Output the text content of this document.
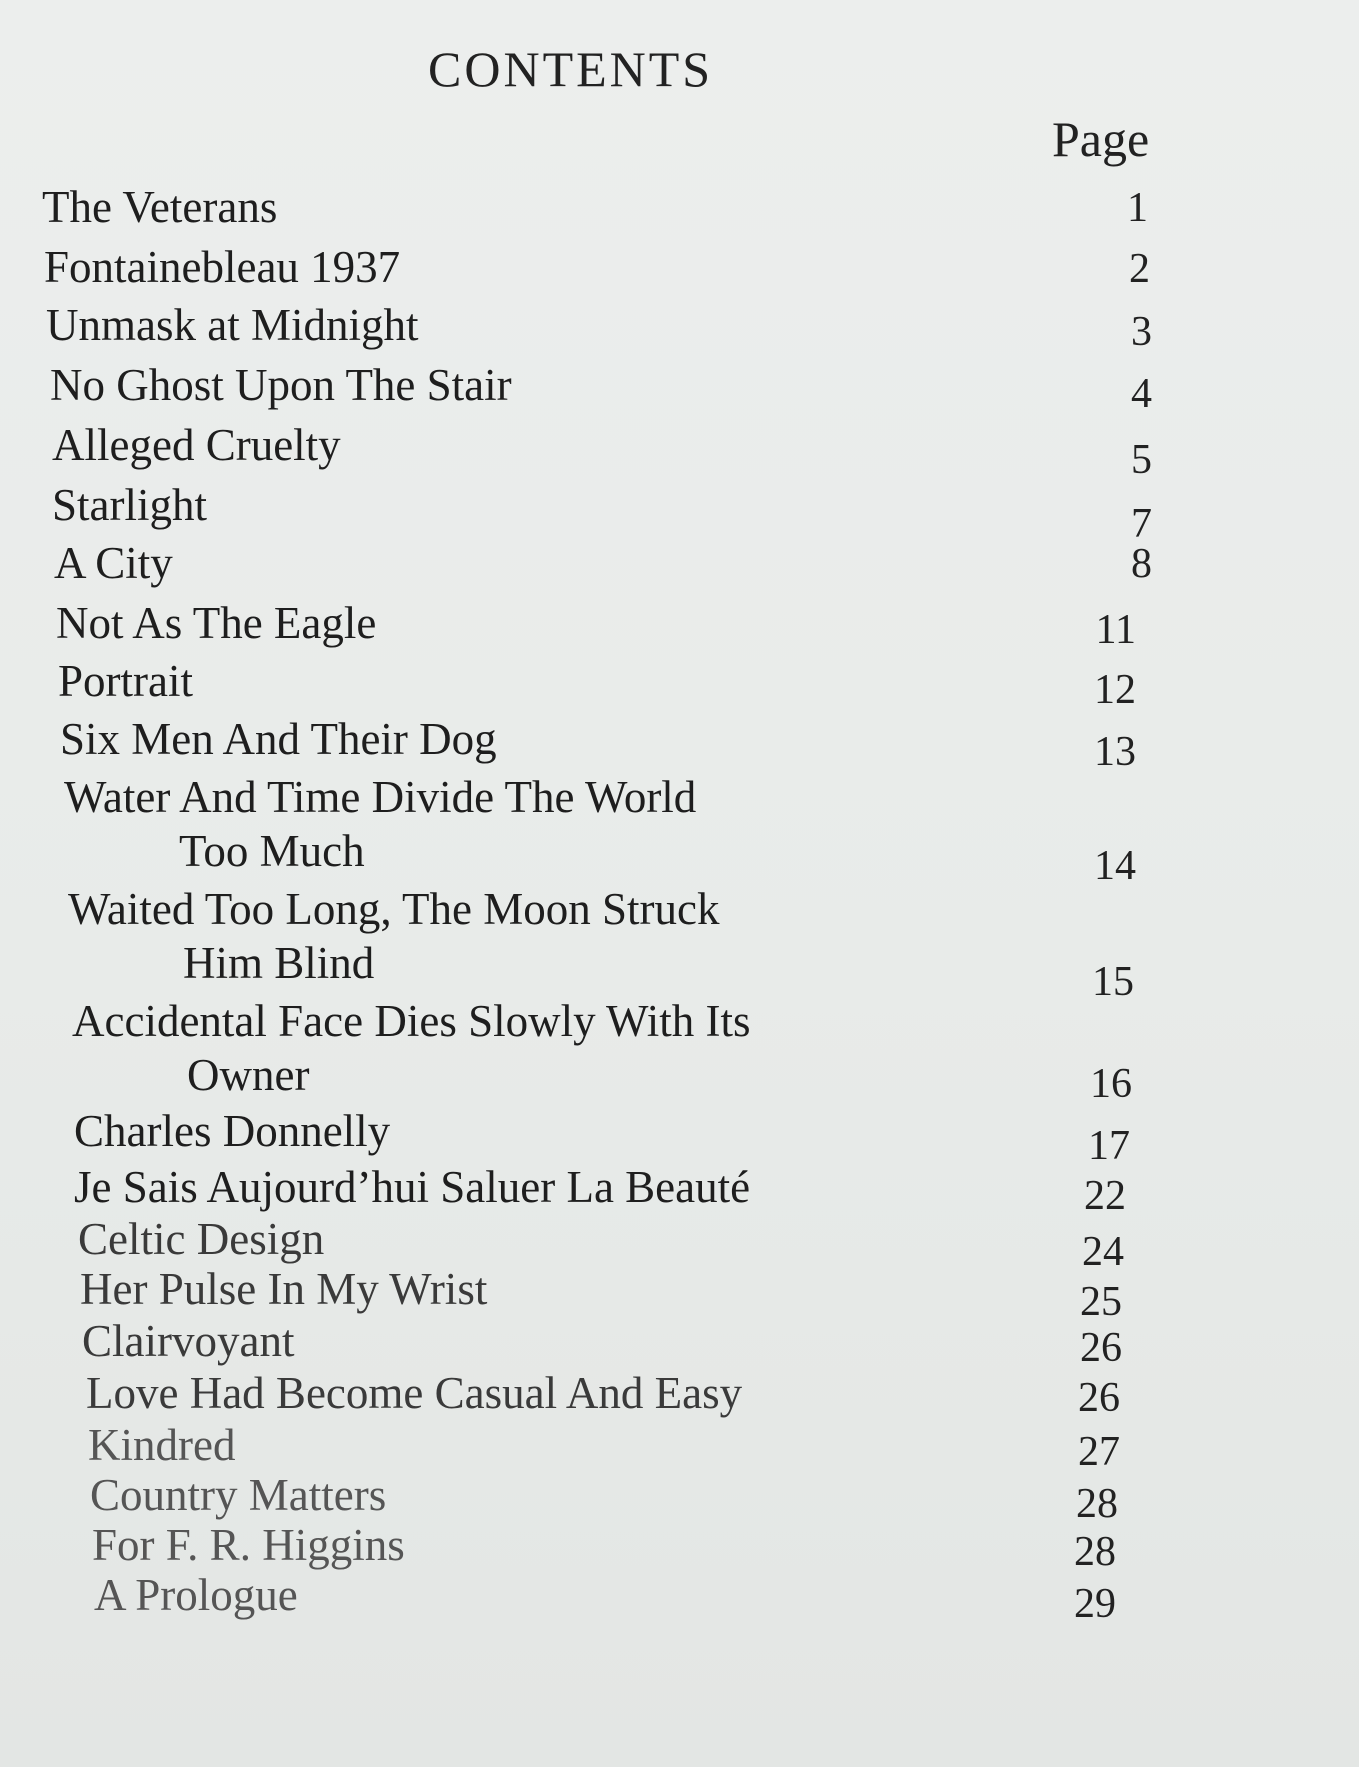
CONTENTS
Page
The Veterans	1
Fontainebleau 1937	2
Unmask at Midnight	3
No Ghost Upon The Stair	4
Alleged Cruelty	5
Starlight	7
A City	8
Not As The Eagle	11
Portrait	12
Six Men And Their Dog	13
Water And Time Divide The World
Too Much	14
Waited Too Long, The Moon Struck
Him Blind	15
Accidental Face Dies Slowly With Its
Owner	16
Charles Donnelly	17
Je Sais Aujourd’hui Saluer La Beauté	22
Celtic Design	24
Her Pulse In My Wrist	25
Clairvoyant	26
Love Had Become Casual And Easy	26
Kindred	27
Country Matters	28
For F. R. Higgins	28
A Prologue	29
